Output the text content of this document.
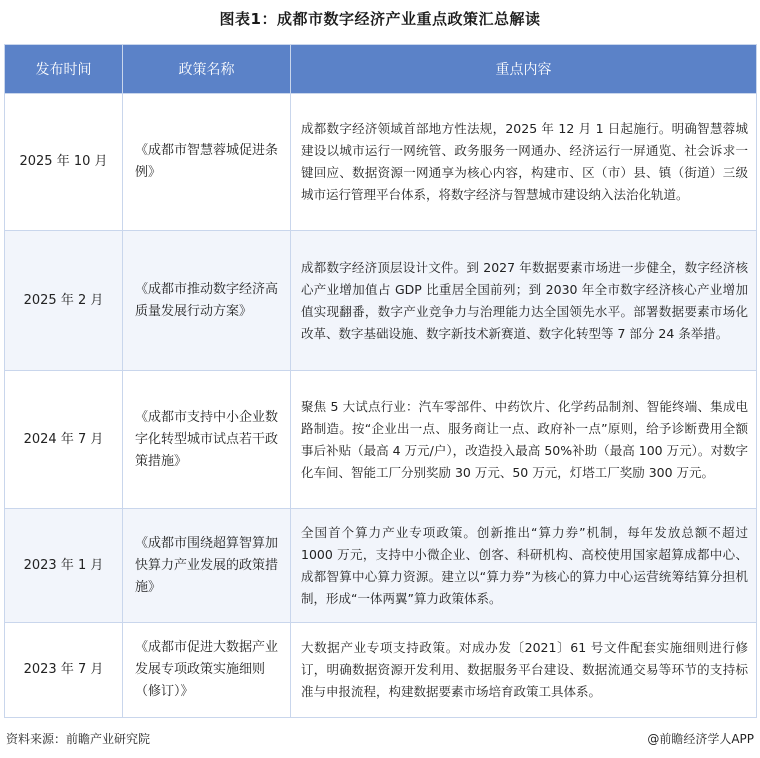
图表1：成都市数字经济产业重点政策汇总解读
发布时间	政策名称	重点内容
2025 年 10 月	《成都市智慧蓉城促进条例》	成都数字经济领域首部地方性法规，2025 年 12 月 1 日起施行。明确智慧蓉城建设以城市运行一网统管、政务服务一网通办、经济运行一屏通览、社会诉求一键回应、数据资源一网通享为核心内容，构建市、区（市）县、镇（街道）三级城市运行管理平台体系，将数字经济与智慧城市建设纳入法治化轨道。
2025 年 2 月	《成都市推动数字经济高质量发展行动方案》	成都数字经济顶层设计文件。到 2027 年数据要素市场进一步健全，数字经济核心产业增加值占 GDP 比重居全国前列；到 2030 年全市数字经济核心产业增加值实现翻番，数字产业竞争力与治理能力达全国领先水平。部署数据要素市场化改革、数字基础设施、数字新技术新赛道、数字化转型等 7 部分 24 条举措。
2024 年 7 月	《成都市支持中小企业数字化转型城市试点若干政策措施》	聚焦 5 大试点行业：汽车零部件、中药饮片、化学药品制剂、智能终端、集成电路制造。按“企业出一点、服务商让一点、政府补一点”原则，给予诊断费用全额事后补贴（最高 4 万元/户），改造投入最高 50%补助（最高 100 万元）。对数字化车间、智能工厂分别奖励 30 万元、50 万元，灯塔工厂奖励 300 万元。
2023 年 1 月	《成都市围绕超算智算加快算力产业发展的政策措施》	全国首个算力产业专项政策。创新推出“算力券”机制，每年发放总额不超过 1000 万元，支持中小微企业、创客、科研机构、高校使用国家超算成都中心、成都智算中心算力资源。建立以“算力券”为核心的算力中心运营统筹结算分担机制，形成“一体两翼”算力政策体系。
2023 年 7 月	《成都市促进大数据产业发展专项政策实施细则（修订）》	大数据产业专项支持政策。对成办发〔2021〕61 号文件配套实施细则进行修订，明确数据资源开发利用、数据服务平台建设、数据流通交易等环节的支持标准与申报流程，构建数据要素市场培育政策工具体系。
资料来源：前瞻产业研究院	@前瞻经济学人APP
